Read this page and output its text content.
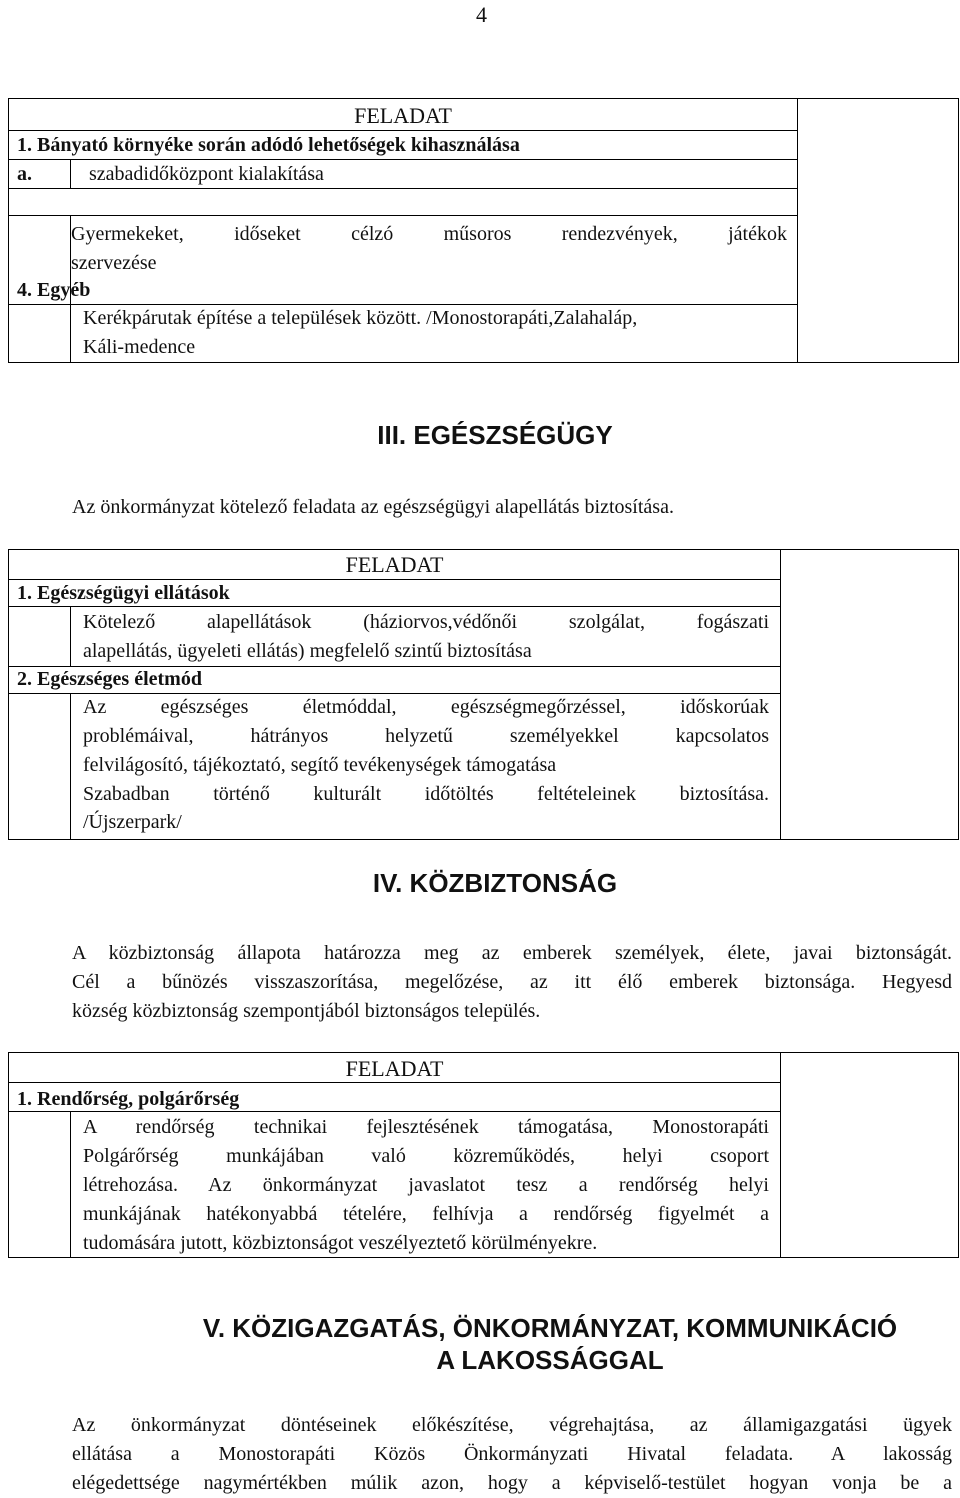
4
FELADAT		

1. Bányató környéke során adódó lehetőségek kihasználása		

a.	szabadidőközpont kialakítása	

4. Egyéb	Gyermekeket, időseket célzó műsoros rendezvények, játékok
szervezése	

	Kerékpárutak építése a települések között. /Monostorapáti,Zalahaláp,
Káli-medence	
III. EGÉSZSÉGÜGY
Az önkormányzat kötelező feladata az egészségügyi alapellátás biztosítása.
FELADAT		

1. Egészségügyi ellátások		

	Kötelező alapellátások (háziorvos,védőnői szolgálat, fogászati
alapellátás, ügyeleti ellátás) megfelelő szintű biztosítása	

2. Egészséges életmód		

	Az egészséges életmóddal, egészségmegőrzéssel, időskorúak
problémáival, hátrányos helyzetű személyekkel kapcsolatos
felvilágosító, tájékoztató, segítő tevékenységek támogatása
Szabadban történő kulturált időtöltés feltételeinek biztosítása.
/Újszerpark/	
IV. KÖZBIZTONSÁG
A közbiztonság állapota határozza meg az emberek személyek, élete, javai biztonságát.
Cél a bűnözés visszaszorítása, megelőzése, az itt élő emberek biztonsága. Hegyesd
község közbiztonság szempontjából biztonságos település.
FELADAT		

1. Rendőrség, polgárőrség		

	A rendőrség technikai fejlesztésének támogatása, Monostorapáti
Polgárőrség munkájában való közreműködés, helyi csoport
létrehozása. Az önkormányzat javaslatot tesz a rendőrség helyi
munkájának hatékonyabbá tételére, felhívja a rendőrség figyelmét a
tudomására jutott, közbiztonságot veszélyeztető körülményekre.	
V. KÖZIGAZGATÁS, ÖNKORMÁNYZAT, KOMMUNIKÁCIÓ
A LAKOSSÁGGAL
Az önkormányzat döntéseinek előkészítése, végrehajtása, az államigazgatási ügyek
ellátása a Monostorapáti Közös Önkormányzati Hivatal feladata. A lakosság
elégedettsége nagymértékben múlik azon, hogy a képviselő-testület hogyan vonja be a
